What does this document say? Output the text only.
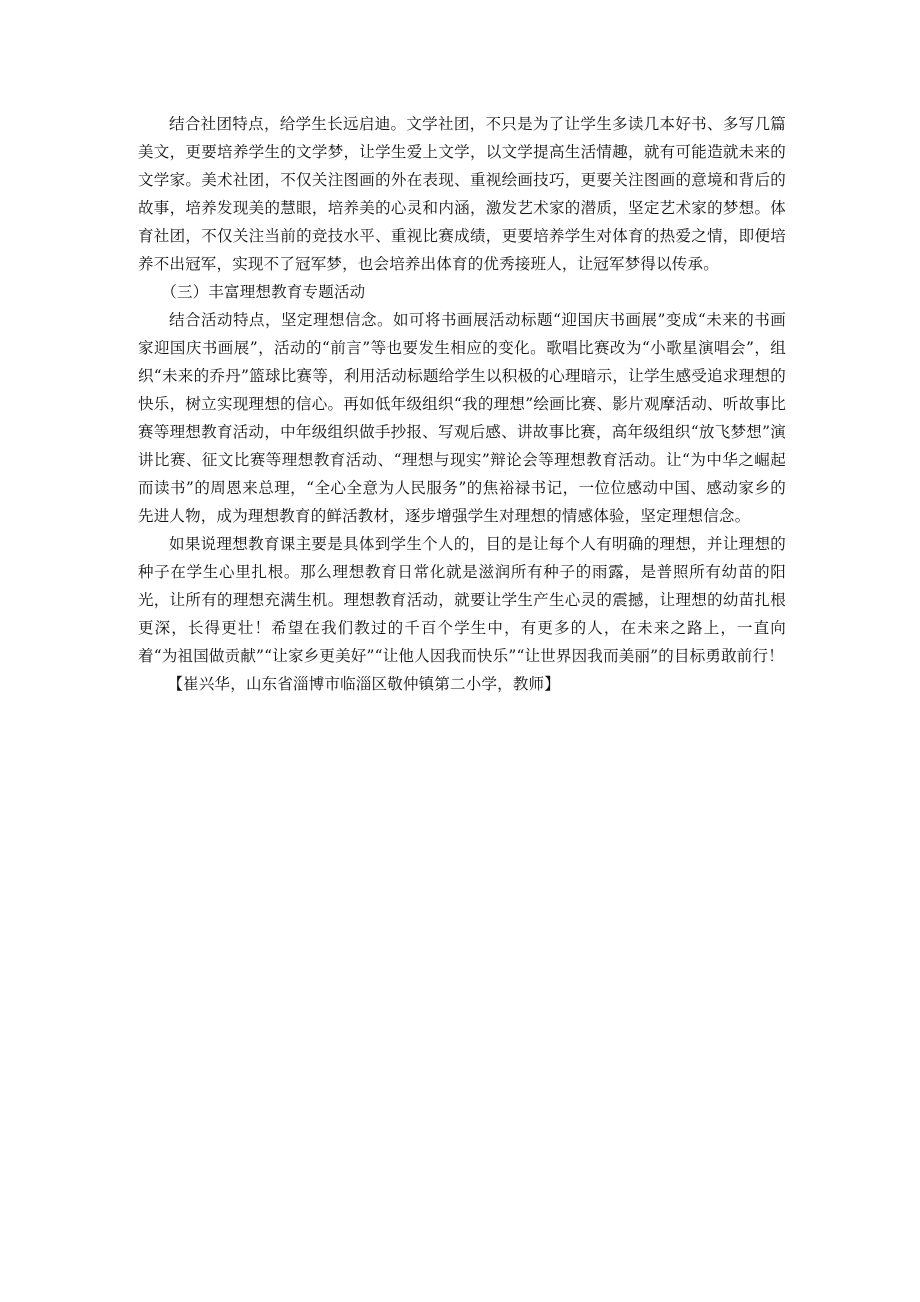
结合社团特点，给学生长远启迪。文学社团，不只是为了让学生多读几本好书、多写几篇美文，更要培养学生的文学梦，让学生爱上文学，以文学提高生活情趣，就有可能造就未来的文学家。美术社团，不仅关注图画的外在表现、重视绘画技巧，更要关注图画的意境和背后的故事，培养发现美的慧眼，培养美的心灵和内涵，激发艺术家的潜质，坚定艺术家的梦想。体育社团，不仅关注当前的竞技水平、重视比赛成绩，更要培养学生对体育的热爱之情，即便培养不出冠军，实现不了冠军梦，也会培养出体育的优秀接班人，让冠军梦得以传承。

（三）丰富理想教育专题活动

结合活动特点，坚定理想信念。如可将书画展活动标题“迎国庆书画展”变成“未来的书画家迎国庆书画展”，活动的“前言”等也要发生相应的变化。歌唱比赛改为“小歌星演唱会”，组织“未来的乔丹”篮球比赛等，利用活动标题给学生以积极的心理暗示，让学生感受追求理想的快乐，树立实现理想的信心。再如低年级组织“我的理想”绘画比赛、影片观摩活动、听故事比赛等理想教育活动，中年级组织做手抄报、写观后感、讲故事比赛，高年级组织“放飞梦想”演讲比赛、征文比赛等理想教育活动、“理想与现实”辩论会等理想教育活动。让“为中华之崛起而读书”的周恩来总理，“全心全意为人民服务”的焦裕禄书记，一位位感动中国、感动家乡的先进人物，成为理想教育的鲜活教材，逐步增强学生对理想的情感体验，坚定理想信念。

如果说理想教育课主要是具体到学生个人的，目的是让每个人有明确的理想，并让理想的种子在学生心里扎根。那么理想教育日常化就是滋润所有种子的雨露，是普照所有幼苗的阳光，让所有的理想充满生机。理想教育活动，就要让学生产生心灵的震撼，让理想的幼苗扎根更深，长得更壮！希望在我们教过的千百个学生中，有更多的人，在未来之路上，一直向着“为祖国做贡献”“让家乡更美好”“让他人因我而快乐”“让世界因我而美丽”的目标勇敢前行！

【崔兴华，山东省淄博市临淄区敬仲镇第二小学，教师】
